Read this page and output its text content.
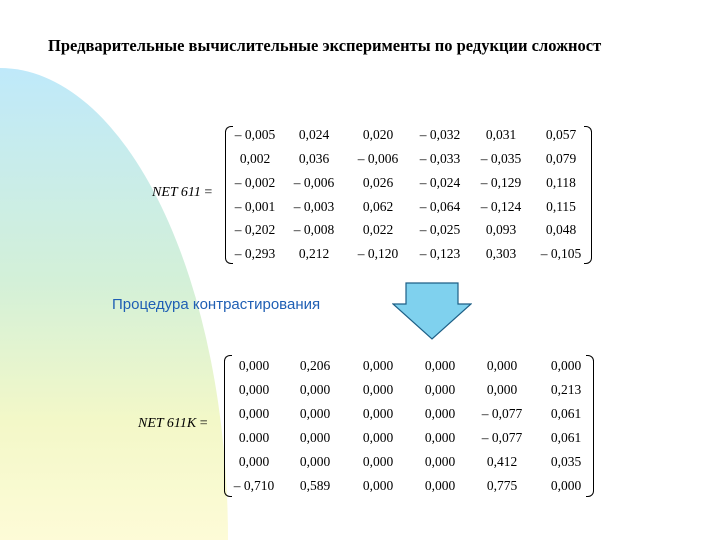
Предварительные вычислительные эксперименты по редукции сложност
NET 611 =
– 0,005	0,024	0,020	– 0,032	0,031	0,057
0,002	0,036	– 0,006	– 0,033	– 0,035	0,079
– 0,002	– 0,006	0,026	– 0,024	– 0,129	0,118
– 0,001	– 0,003	0,062	– 0,064	– 0,124	0,115
– 0,202	– 0,008	0,022	– 0,025	0,093	0,048
– 0,293	0,212	– 0,120	– 0,123	0,303	– 0,105
Процедура контрастирования
NET 611K =
0,000	0,206	0,000	0,000	0,000	0,000
0,000	0,000	0,000	0,000	0,000	0,213
0,000	0,000	0,000	0,000	– 0,077	0,061
0.000	0,000	0,000	0,000	– 0,077	0,061
0,000	0,000	0,000	0,000	0,412	0,035
– 0,710	0,589	0,000	0,000	0,775	0,000
